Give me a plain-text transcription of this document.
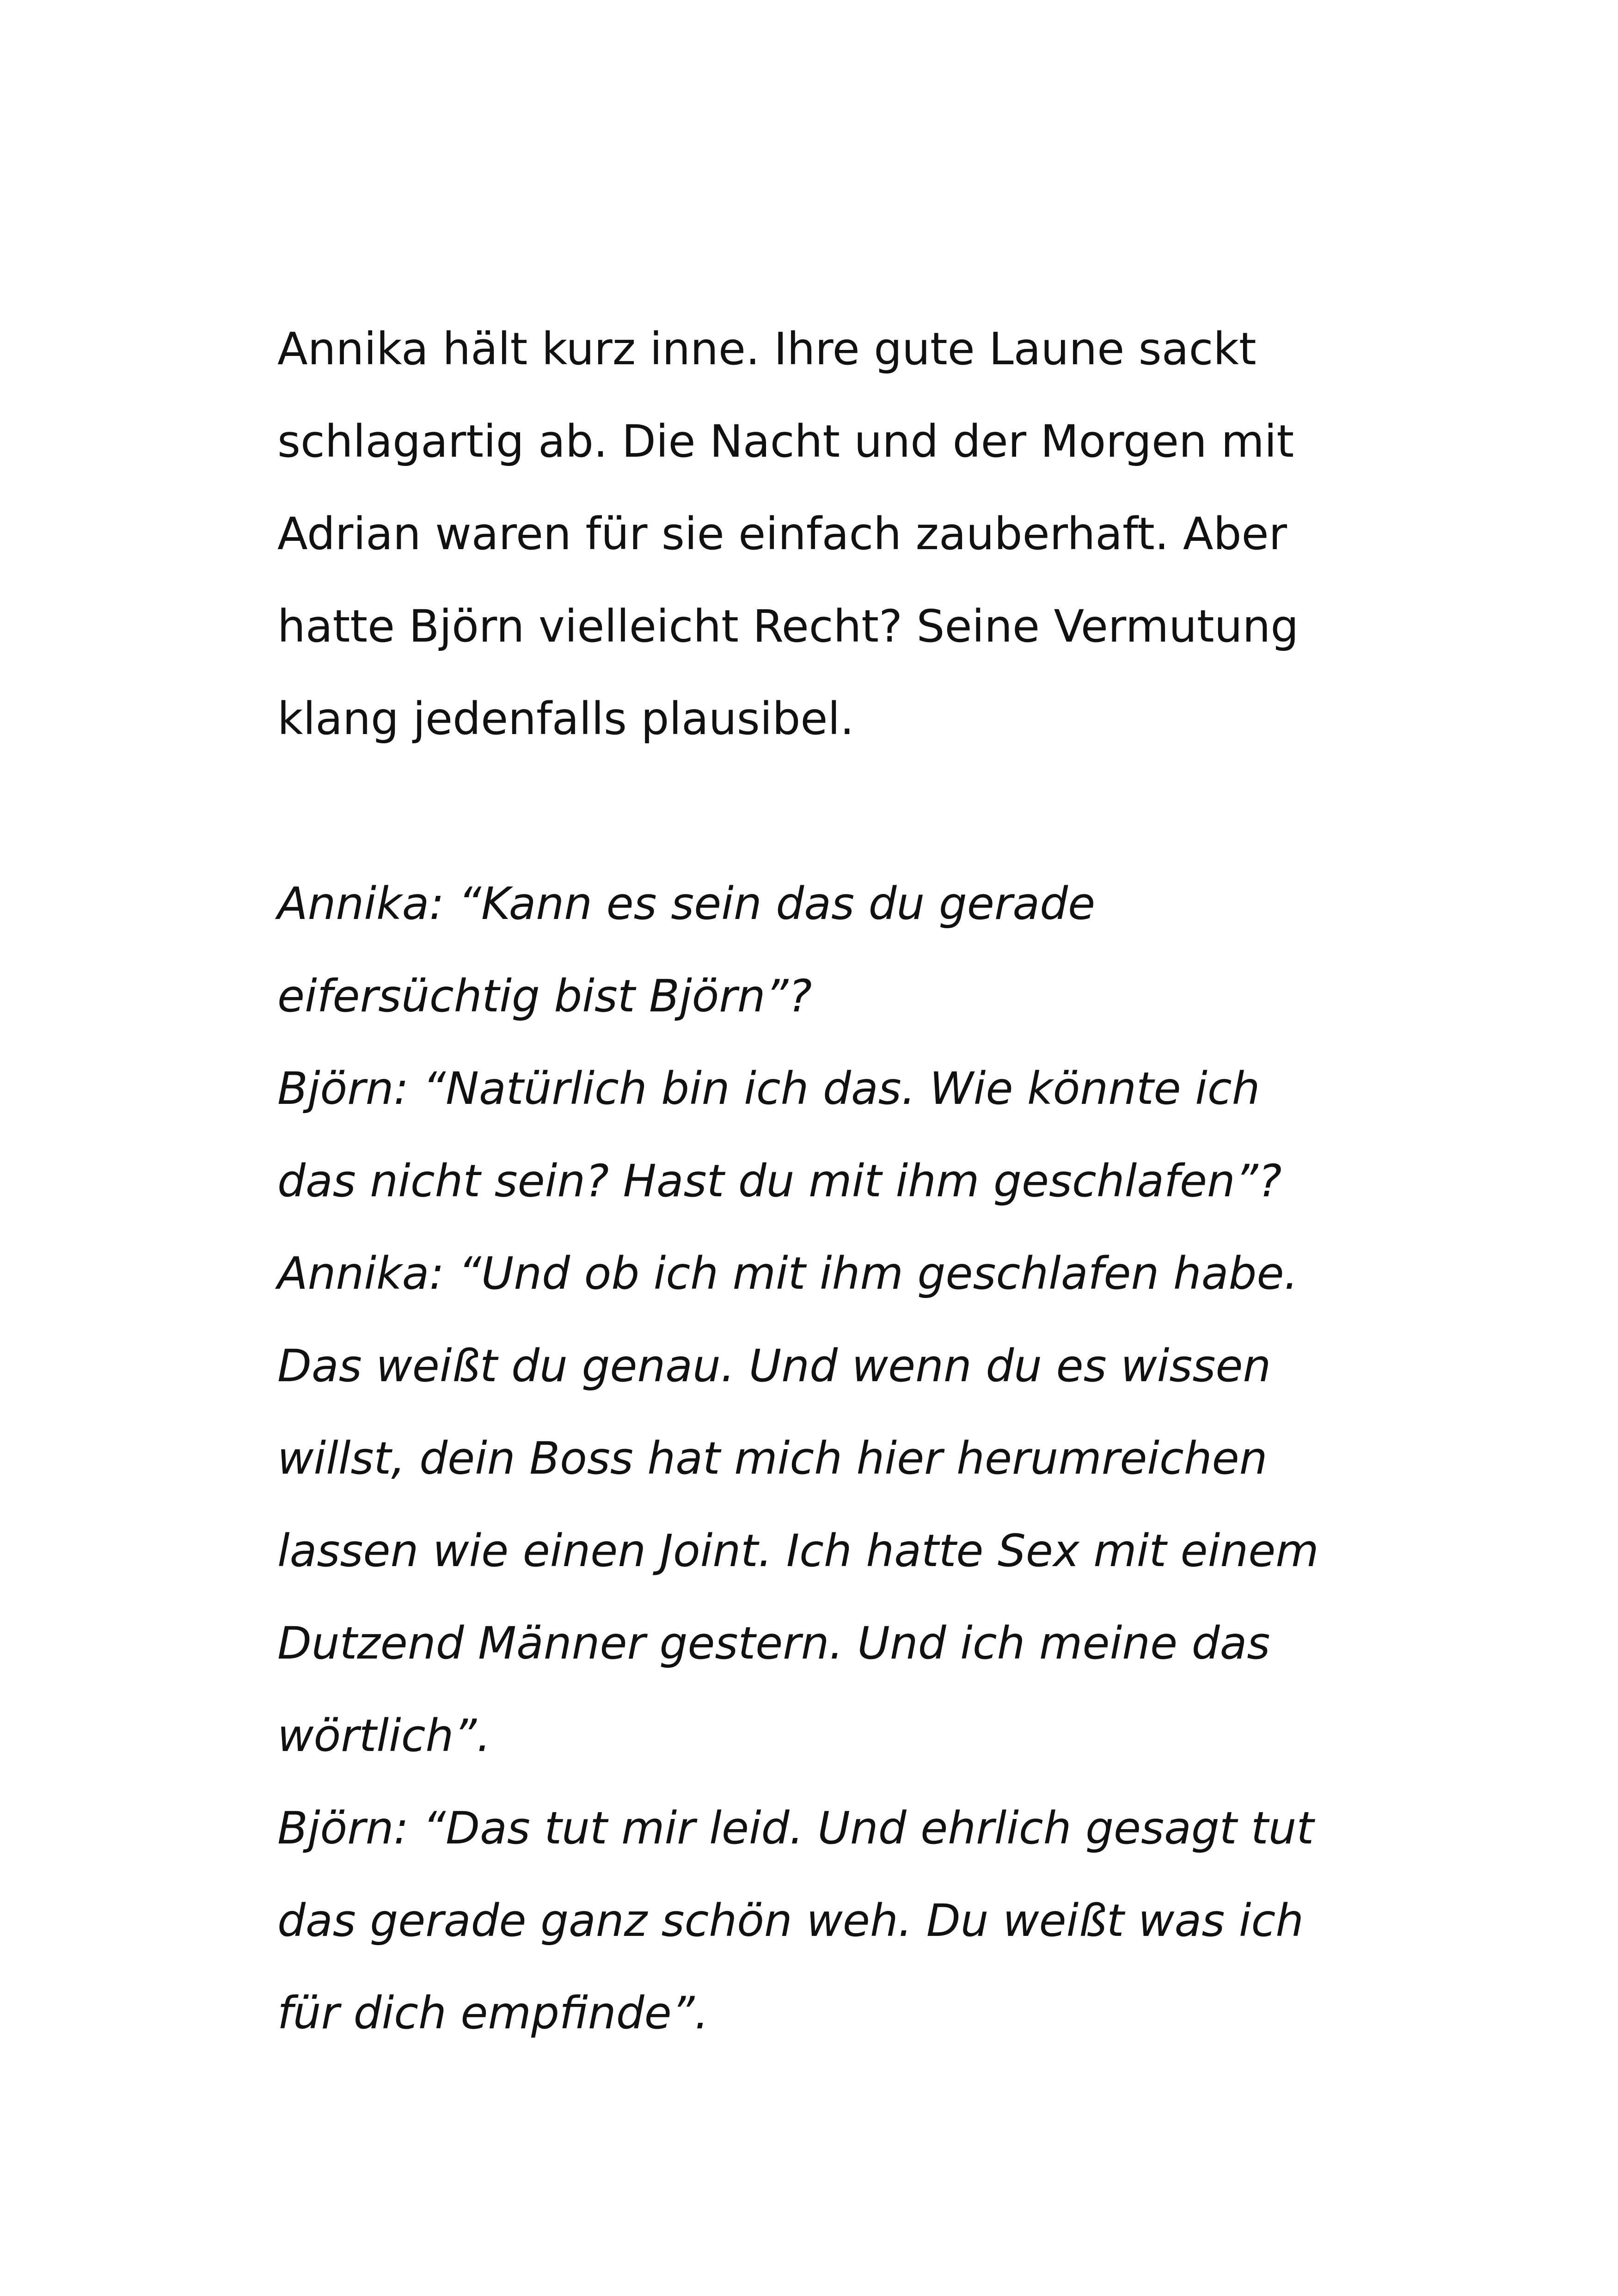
Annika hält kurz inne. Ihre gute Laune sackt
schlagartig ab. Die Nacht und der Morgen mit
Adrian waren für sie einfach zauberhaft. Aber
hatte Björn vielleicht Recht? Seine Vermutung
klang jedenfalls plausibel.
Annika: “Kann es sein das du gerade
eifersüchtig bist Björn”?
Björn: “Natürlich bin ich das. Wie könnte ich
das nicht sein? Hast du mit ihm geschlafen”?
Annika: “Und ob ich mit ihm geschlafen habe.
Das weißt du genau. Und wenn du es wissen
willst, dein Boss hat mich hier herumreichen
lassen wie einen Joint. Ich hatte Sex mit einem
Dutzend Männer gestern. Und ich meine das
wörtlich”.
Björn: “Das tut mir leid. Und ehrlich gesagt tut
das gerade ganz schön weh. Du weißt was ich
für dich empfinde”.
